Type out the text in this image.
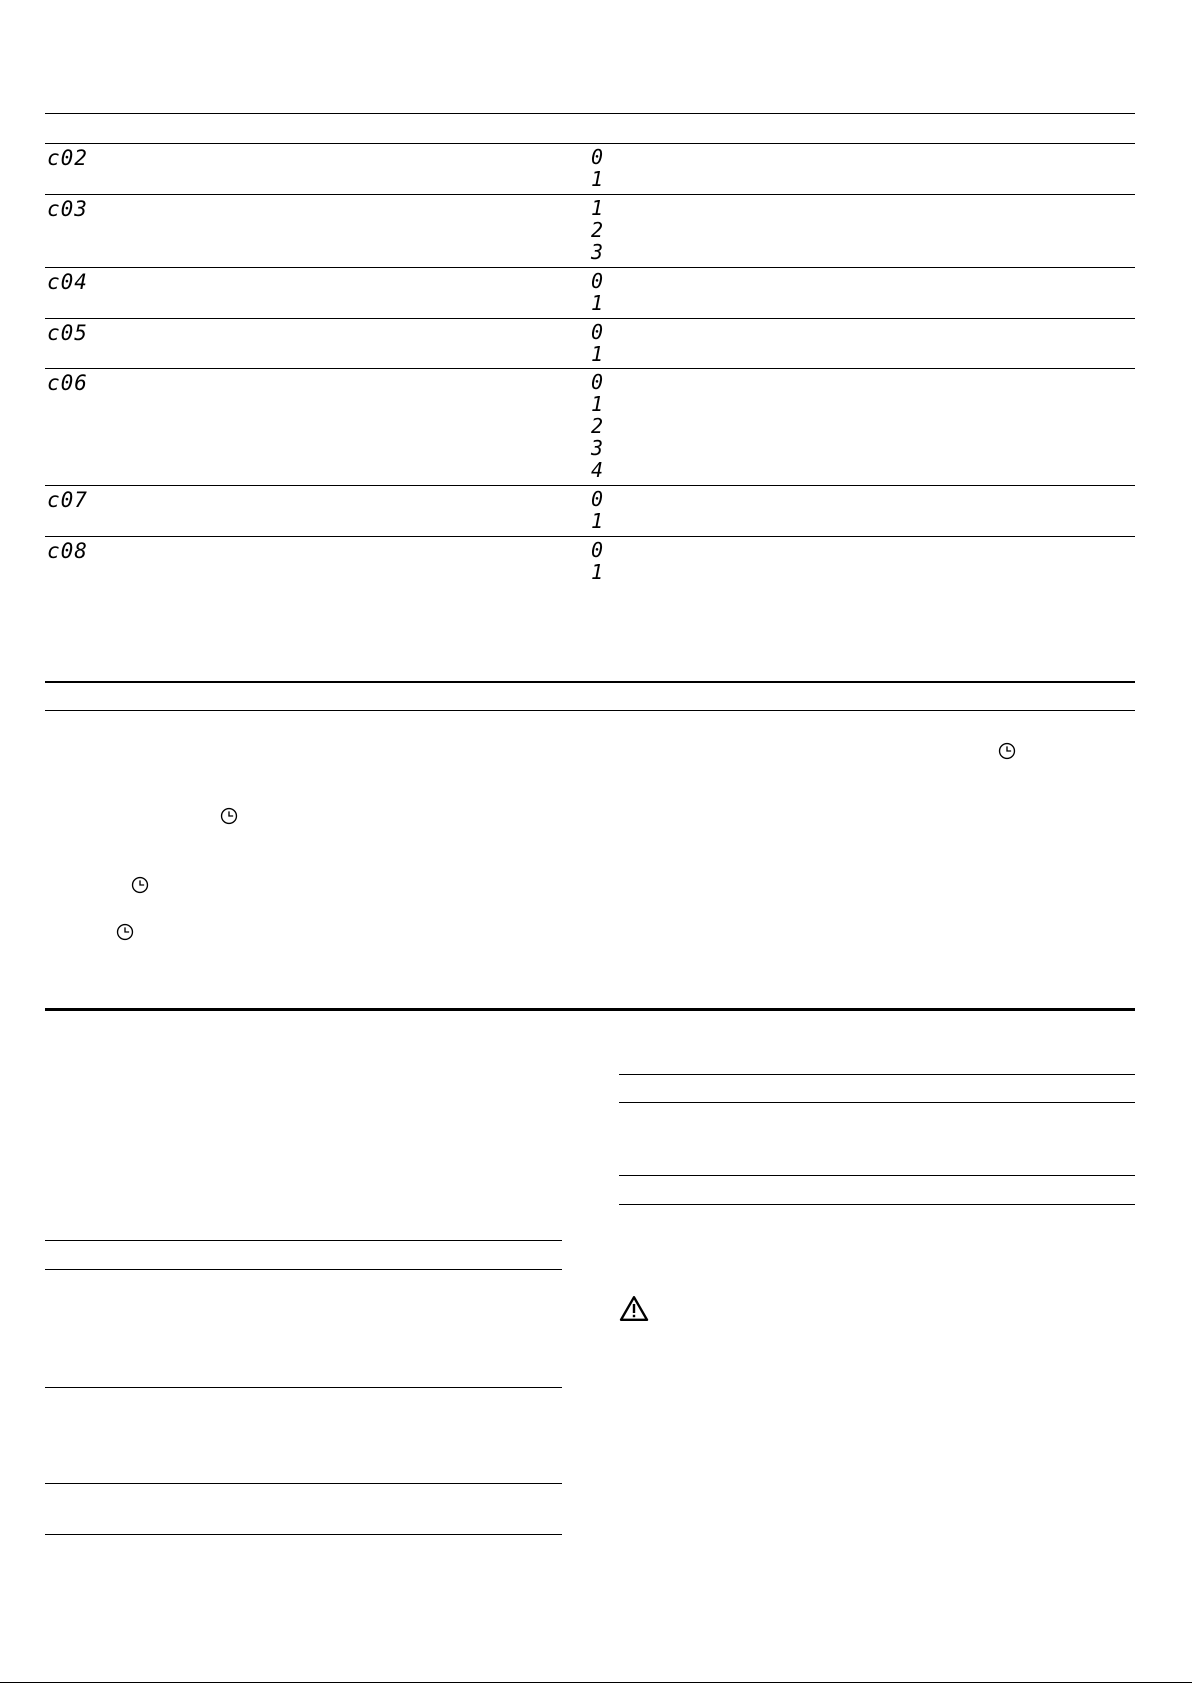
c02	0
1
c03	1
2
3
c04	0
1
c05	0
1
c06	0
1
2
3
4
c07	0
1
c08	0
1
